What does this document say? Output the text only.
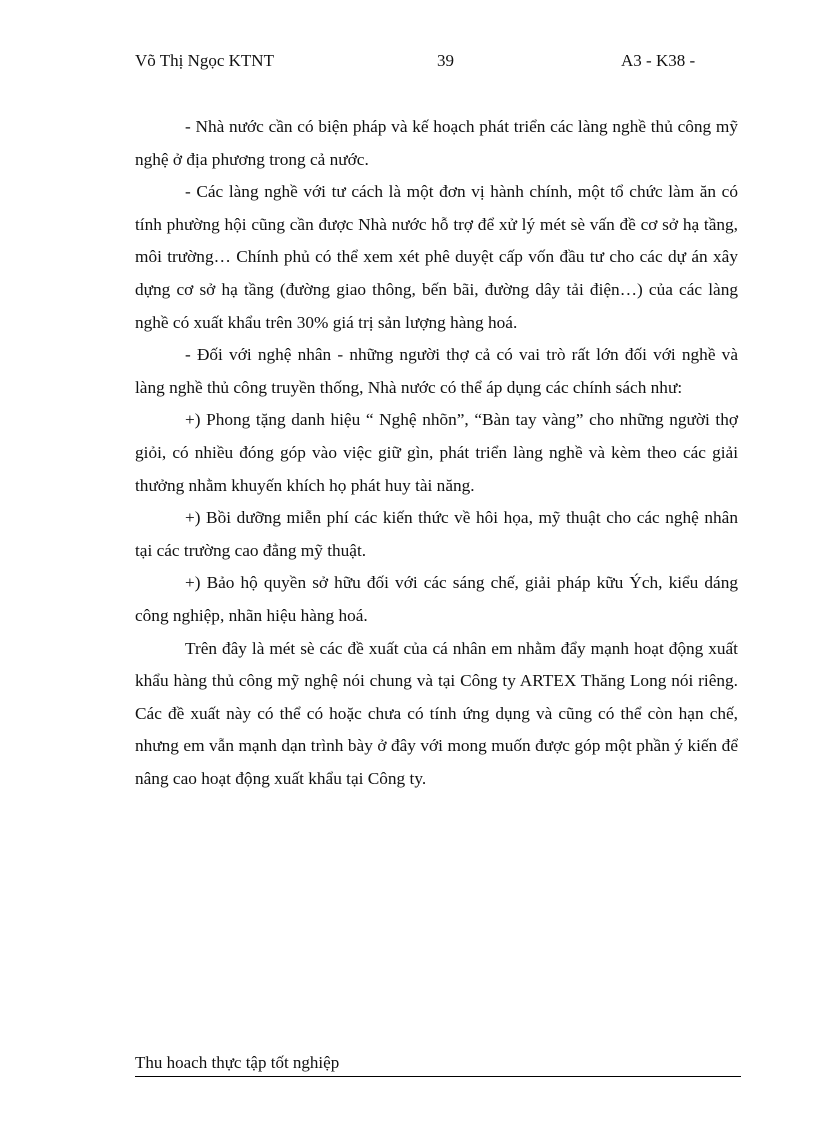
Võ Thị Ngọc KTNT	39	A3 - K38 -

- Nhà nước cần có biện pháp và kế hoạch phát triển các làng nghề thủ công mỹ nghệ ở địa phương trong cả nước.

- Các làng nghề với tư cách là một đơn vị hành chính, một tổ chức làm ăn có tính phường hội cũng cần được Nhà nước hỗ trợ để xử lý mét sè vấn đề cơ sở hạ tầng, môi trường… Chính phủ có thể xem xét phê duyệt cấp vốn đầu tư cho các dự án xây dựng cơ sở hạ tầng (đường giao thông, bến bãi, đường dây tải điện…) của các làng nghề có xuất khẩu trên 30% giá trị sản lượng hàng hoá.

- Đối với nghệ nhân - những người thợ cả có vai trò rất lớn đối với nghề và làng nghề thủ công truyền thống, Nhà nước có thể áp dụng các chính sách như:

+) Phong tặng danh hiệu “ Nghệ nhõn”, “Bàn tay vàng” cho những người thợ giỏi, có nhiều đóng góp vào việc giữ gìn, phát triển làng nghề và kèm theo các giải thưởng nhằm khuyến khích họ phát huy tài năng.

+) Bồi dưỡng miễn phí các kiến thức về hôi họa, mỹ thuật cho các nghệ nhân tại các trường cao đẳng mỹ thuật.

+) Bảo hộ quyền sở hữu đối với các sáng chế, giải pháp kữu Ých, kiểu dáng công nghiệp, nhãn hiệu hàng hoá.

Trên đây là mét sè các đề xuất của cá nhân em nhằm đẩy mạnh hoạt động xuất khẩu hàng thủ công mỹ nghệ nói chung và tại Công ty ARTEX Thăng Long nói riêng. Các đề xuất này có thể có hoặc chưa có tính ứng dụng và cũng có thể còn hạn chế, nhưng em vẫn mạnh dạn trình bày ở đây với mong muốn được góp một phần ý kiến để nâng cao hoạt động xuất khẩu tại Công ty.

Thu hoach thực tập tốt nghiệp
